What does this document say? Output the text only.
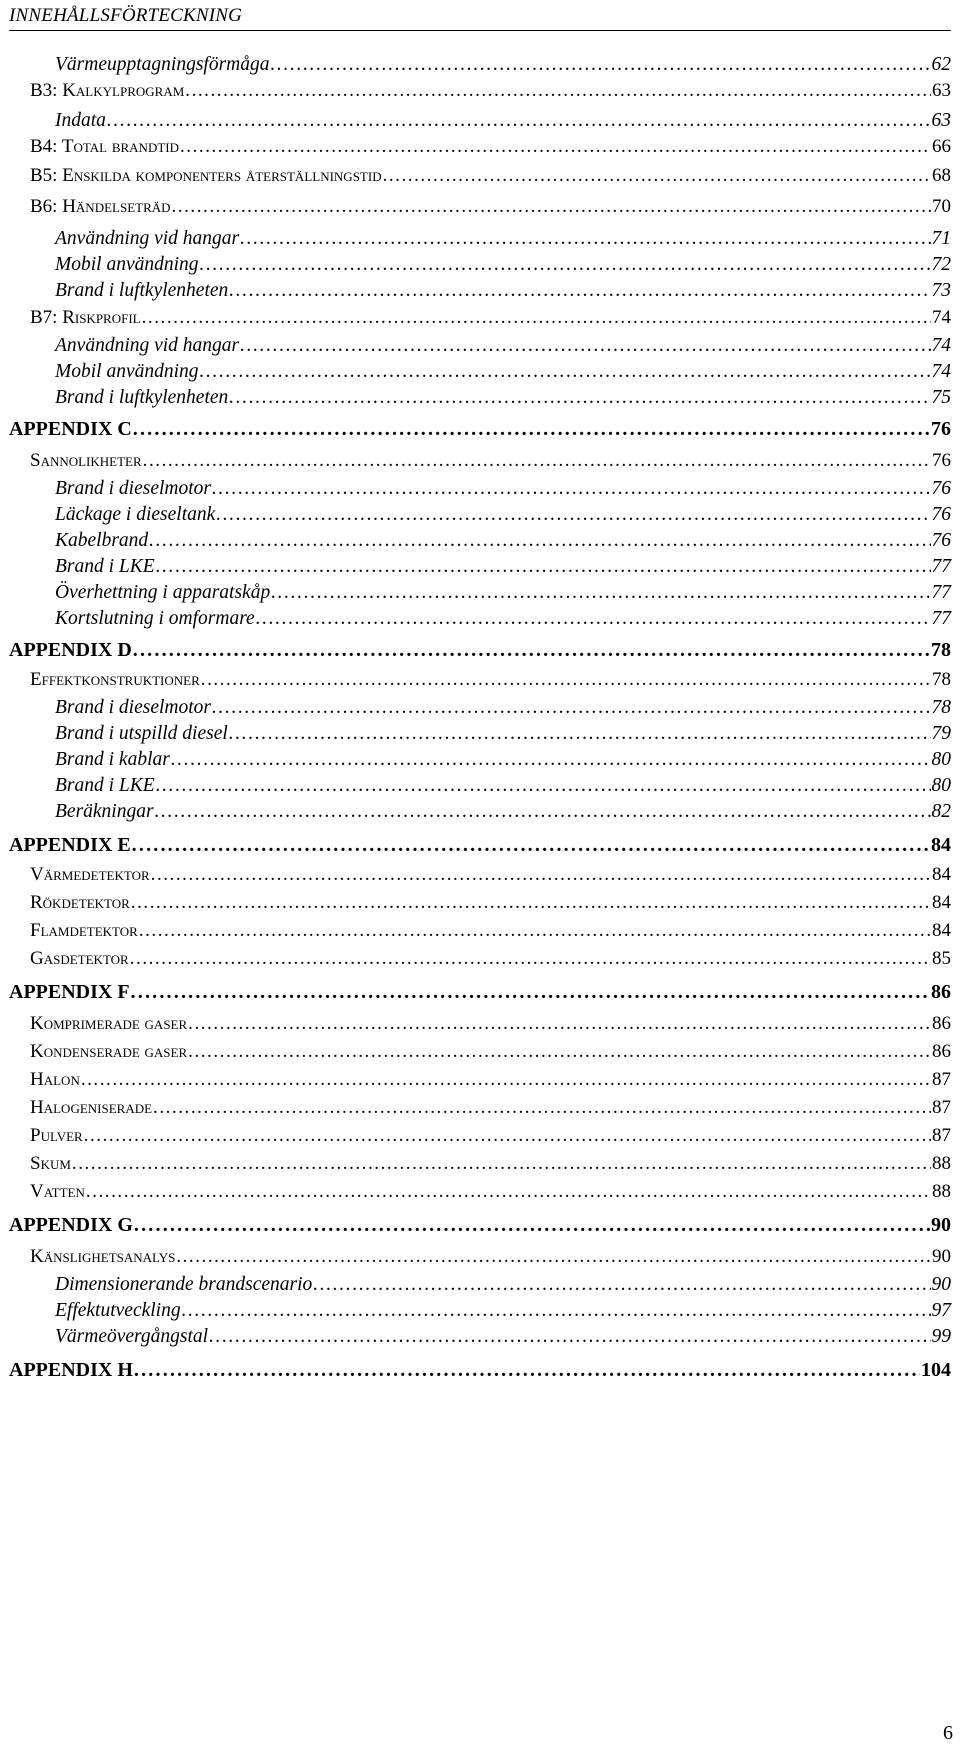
INNEHÅLLSFÖRTECKNING
Värmeupptagningsförmåga . . .	62
B3: Kalkylprogram . . .	63
Indata . . .	63
B4: Total brandtid . . .	66
B5: Enskilda komponenters återställningstid . . .	68
B6: Händelseträd . . .	70
Användning vid hangar . . .	71
Mobil användning . . .	72
Brand i luftkylenheten . . .	73
B7: Riskprofil . . .	74
Användning vid hangar . . .	74
Mobil användning . . .	74
Brand i luftkylenheten . . .	75
APPENDIX C . . .	76
Sannolikheter . . .	76
Brand i dieselmotor . . .	76
Läckage i dieseltank . . .	76
Kabelbrand . . .	76
Brand i LKE . . .	77
Överhettning i apparatskåp . . .	77
Kortslutning i omformare . . .	77
APPENDIX D . . .	78
Effektkonstruktioner . . .	78
Brand i dieselmotor . . .	78
Brand i utspilld diesel . . .	79
Brand i kablar . . .	80
Brand i LKE . . .	80
Beräkningar . . .	82
APPENDIX E . . .	84
Värmedetektor . . .	84
Rökdetektor . . .	84
Flamdetektor . . .	84
Gasdetektor . . .	85
APPENDIX F . . .	86
Komprimerade gaser . . .	86
Kondenserade gaser . . .	86
Halon . . .	87
Halogeniserade . . .	87
Pulver . . .	87
Skum . . .	88
Vatten . . .	88
APPENDIX G . . .	90
Känslighetsanalys . . .	90
Dimensionerande brandscenario . . .	90
Effektutveckling . . .	97
Värmeövergångstal . . .	99
APPENDIX H . . .	104
6
